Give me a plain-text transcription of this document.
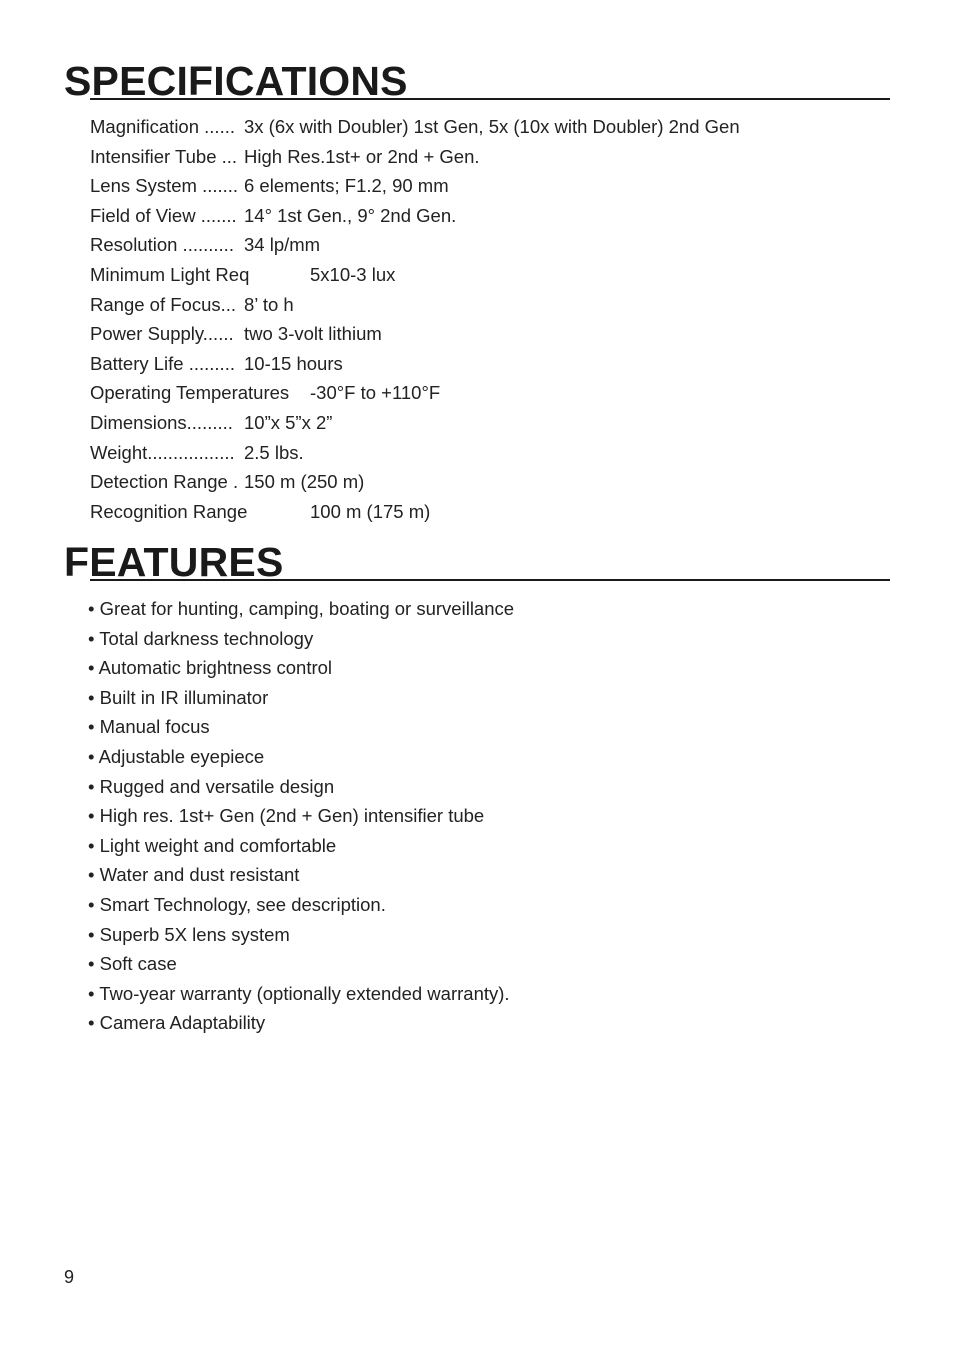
SPECIFICATIONS
Magnification ...... 3x (6x with Doubler) 1st Gen, 5x (10x with Doubler) 2nd Gen
Intensifier Tube ... High Res.1st+ or 2nd + Gen.
Lens System ....... 6 elements; F1.2, 90 mm
Field of View ....... 14° 1st Gen., 9° 2nd Gen.
Resolution .......... 34 lp/mm
Minimum Light Req	5x10-3 lux
Range of Focus... 8’ to h
Power Supply...... two 3-volt lithium
Battery Life ......... 10-15 hours
Operating Temperatures -30°F to +110°F
Dimensions......... 10”x 5”x 2”
Weight................. 2.5 lbs.
Detection Range . 150 m (250 m)
Recognition Range	100 m (175 m)
FEATURES
• Great for hunting, camping, boating or surveillance
• Total darkness technology
• Automatic brightness control
• Built in IR illuminator
• Manual focus
• Adjustable eyepiece
• Rugged and versatile design
• High res. 1st+ Gen (2nd + Gen) intensifier tube
• Light weight and comfortable
• Water and dust resistant
• Smart Technology, see description.
• Superb 5X lens system
• Soft case
• Two-year warranty (optionally extended warranty).
• Camera Adaptability
9
